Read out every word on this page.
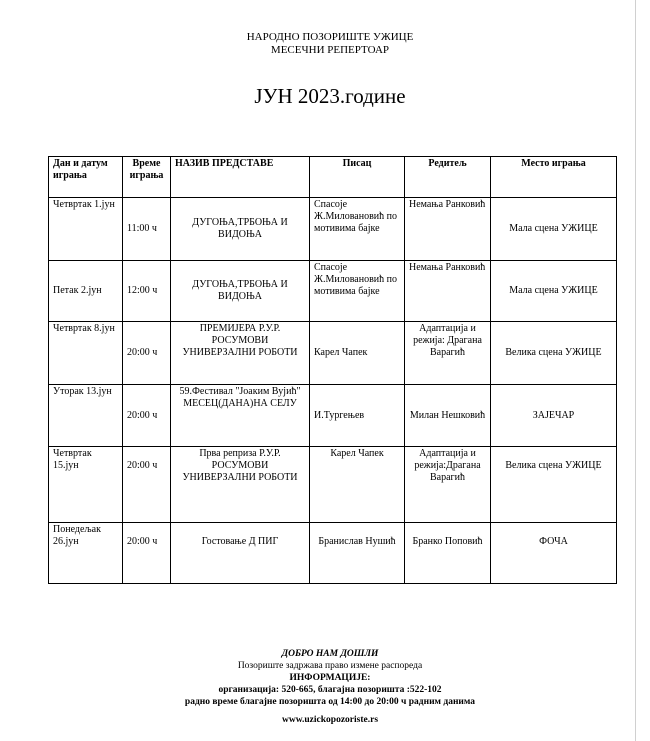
НАРОДНО ПОЗОРИШТЕ УЖИЦЕ
МЕСЕЧНИ РЕПЕРТОАР
ЈУН 2023.године
Дан и датум играња	Време играња	НАЗИВ ПРЕДСТАВЕ	Писац	Редитељ	Место играња
Четвртак 1.јун	11:00 ч	ДУГОЊА,ТРБОЊА И ВИДОЊА	Спасоје Ж.Миловановић по мотивима бајке	Немања Ранковић	Мала сцена УЖИЦЕ
Петак 2.јун	12:00 ч	ДУГОЊА,ТРБОЊА И ВИДОЊА	Спасоје Ж.Миловановић по мотивима бајке	Немања Ранковић	Мала сцена УЖИЦЕ
Четвртак 8.јун	20:00 ч	ПРЕМИЈЕРА Р.У.Р. РОСУМОВИ УНИВЕРЗАЛНИ РОБОТИ	Карел Чапек	Адаптација и режија: Драгана Варагић	Велика сцена УЖИЦЕ
Уторак 13.јун	20:00 ч	59.Фестивал "Јоаким Вујић" МЕСЕЦ(ДАНА)НА СЕЛУ	И.Тургењев	Милан Нешковић	ЗАЈЕЧАР
Четвртак 15.јун	20:00 ч	Прва реприза Р.У.Р. РОСУМОВИ УНИВЕРЗАЛНИ РОБОТИ	Карел Чапек	Адаптација и режија:Драгана Варагић	Велика сцена УЖИЦЕ
Понедељак 26.јун	20:00 ч	Гостовање Д ПИГ	Бранислав Нушић	Бранко Поповић	ФОЧА
ДОБРО НАМ ДОШЛИ
Позориште задржава право измене распореда
ИНФОРМАЦИЈЕ:
организација: 520-665, благајна позоришта :522-102
радно време благајне позоришта од 14:00 до 20:00 ч радним данима
www.uzickopozoriste.rs
